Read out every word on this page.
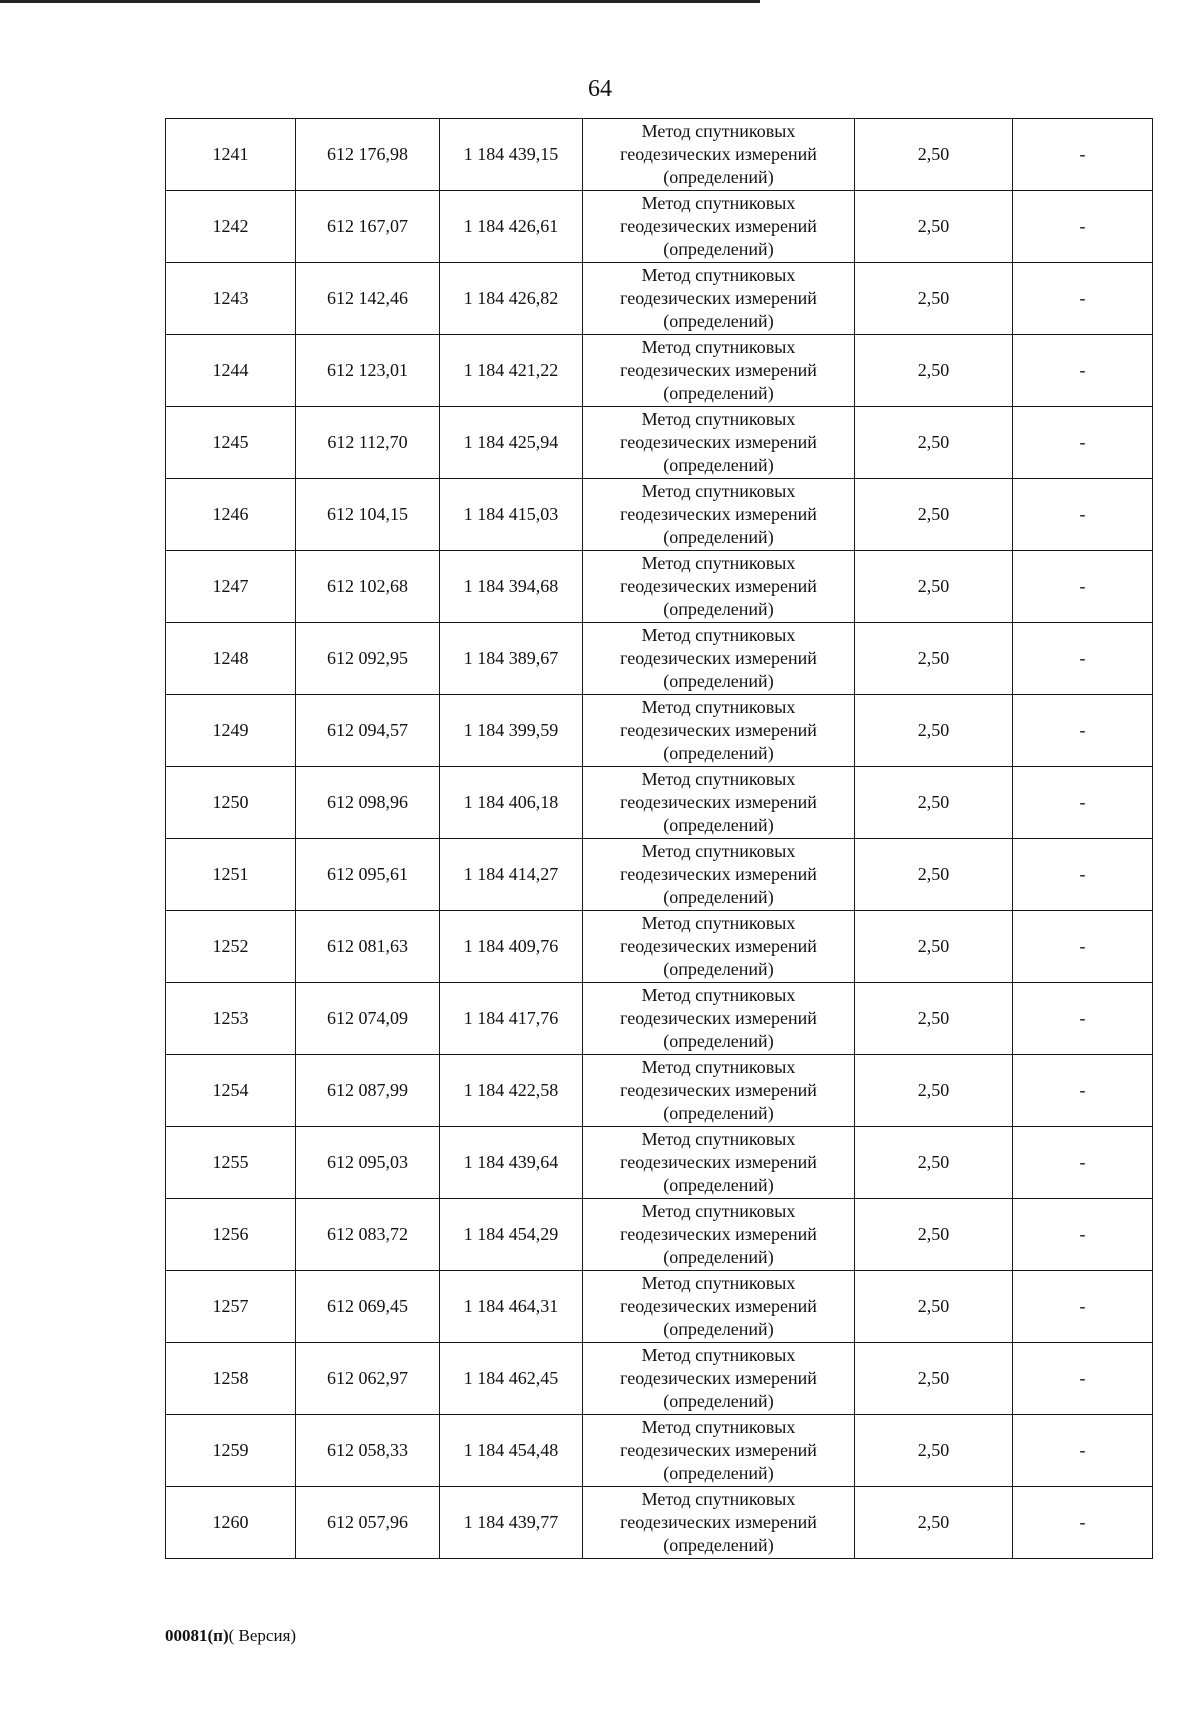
64
1241	612 176,98	1 184 439,15	Метод спутниковых
геодезических измерений
(определений)	2,50	-
1242	612 167,07	1 184 426,61	Метод спутниковых
геодезических измерений
(определений)	2,50	-
1243	612 142,46	1 184 426,82	Метод спутниковых
геодезических измерений
(определений)	2,50	-
1244	612 123,01	1 184 421,22	Метод спутниковых
геодезических измерений
(определений)	2,50	-
1245	612 112,70	1 184 425,94	Метод спутниковых
геодезических измерений
(определений)	2,50	-
1246	612 104,15	1 184 415,03	Метод спутниковых
геодезических измерений
(определений)	2,50	-
1247	612 102,68	1 184 394,68	Метод спутниковых
геодезических измерений
(определений)	2,50	-
1248	612 092,95	1 184 389,67	Метод спутниковых
геодезических измерений
(определений)	2,50	-
1249	612 094,57	1 184 399,59	Метод спутниковых
геодезических измерений
(определений)	2,50	-
1250	612 098,96	1 184 406,18	Метод спутниковых
геодезических измерений
(определений)	2,50	-
1251	612 095,61	1 184 414,27	Метод спутниковых
геодезических измерений
(определений)	2,50	-
1252	612 081,63	1 184 409,76	Метод спутниковых
геодезических измерений
(определений)	2,50	-
1253	612 074,09	1 184 417,76	Метод спутниковых
геодезических измерений
(определений)	2,50	-
1254	612 087,99	1 184 422,58	Метод спутниковых
геодезических измерений
(определений)	2,50	-
1255	612 095,03	1 184 439,64	Метод спутниковых
геодезических измерений
(определений)	2,50	-
1256	612 083,72	1 184 454,29	Метод спутниковых
геодезических измерений
(определений)	2,50	-
1257	612 069,45	1 184 464,31	Метод спутниковых
геодезических измерений
(определений)	2,50	-
1258	612 062,97	1 184 462,45	Метод спутниковых
геодезических измерений
(определений)	2,50	-
1259	612 058,33	1 184 454,48	Метод спутниковых
геодезических измерений
(определений)	2,50	-
1260	612 057,96	1 184 439,77	Метод спутниковых
геодезических измерений
(определений)	2,50	-
00081(п)( Версия)
